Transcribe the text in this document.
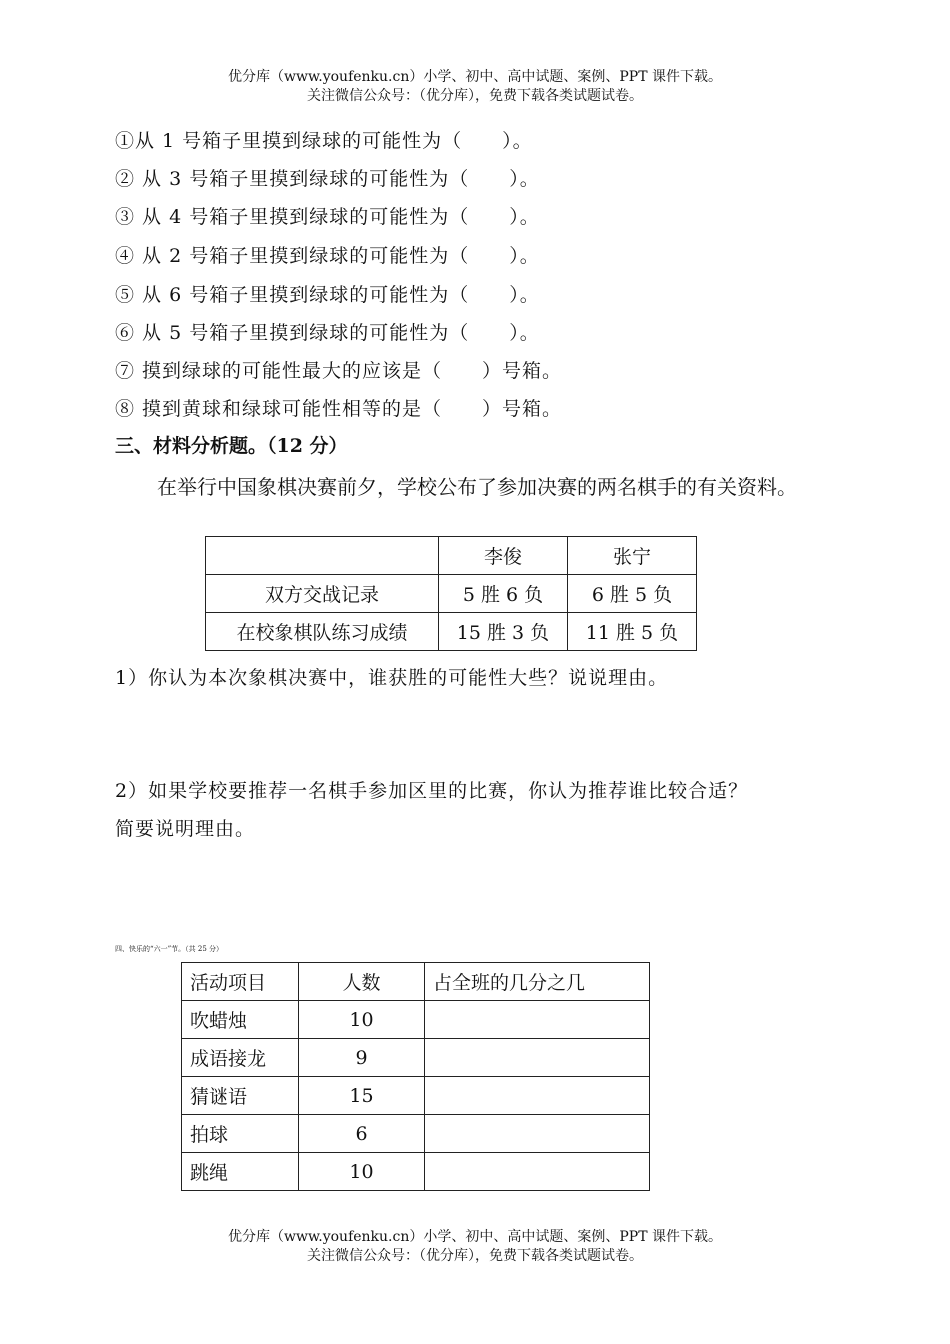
优分库（www.youfenku.cn）小学、初中、高中试题、案例、PPT 课件下载。
关注微信公众号：（优分库），免费下载各类试题试卷。
①从 1 号箱子里摸到绿球的可能性为（　　）。
② 从 3 号箱子里摸到绿球的可能性为（　　）。
③ 从 4 号箱子里摸到绿球的可能性为（　　）。
④ 从 2 号箱子里摸到绿球的可能性为（　　）。
⑤ 从 6 号箱子里摸到绿球的可能性为（　　）。
⑥ 从 5 号箱子里摸到绿球的可能性为（　　）。
⑦ 摸到绿球的可能性最大的应该是（　　）号箱。
⑧ 摸到黄球和绿球可能性相等的是（　　）号箱。
三、材料分析题。（12 分）
在举行中国象棋决赛前夕，学校公布了参加决赛的两名棋手的有关资料。
	李俊	张宁
双方交战记录	5 胜 6 负	6 胜 5 负
在校象棋队练习成绩	15 胜 3 负	11 胜 5 负
1）你认为本次象棋决赛中，谁获胜的可能性大些？说说理由。
2）如果学校要推荐一名棋手参加区里的比赛，你认为推荐谁比较合适？
简要说明理由。
四、快乐的“六一”节。（共 25 分）
活动项目	人数	占全班的几分之几
吹蜡烛	10	
成语接龙	9	
猜谜语	15	
拍球	6	
跳绳	10	
优分库（www.youfenku.cn）小学、初中、高中试题、案例、PPT 课件下载。
关注微信公众号：（优分库），免费下载各类试题试卷。
